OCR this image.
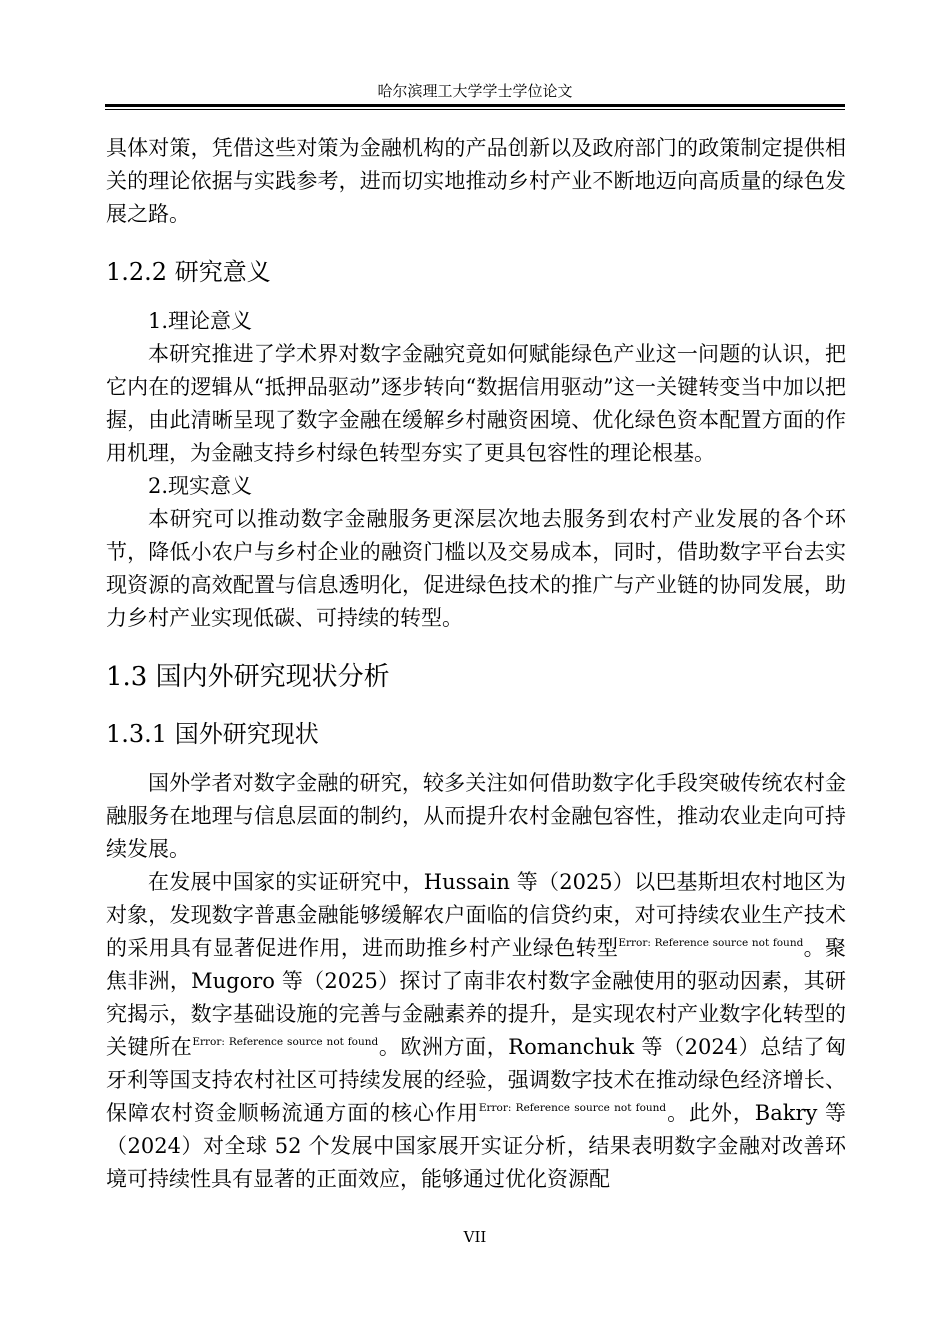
哈尔滨理工大学学士学位论文

具体对策，凭借这些对策为金融机构的产品创新以及政府部门的政策制定提供相关的理论依据与实践参考，进而切实地推动乡村产业不断地迈向高质量的绿色发展之路。

1.2.2 研究意义

1.理论意义

本研究推进了学术界对数字金融究竟如何赋能绿色产业这一问题的认识，把它内在的逻辑从“抵押品驱动”逐步转向“数据信用驱动”这一关键转变当中加以把握，由此清晰呈现了数字金融在缓解乡村融资困境、优化绿色资本配置方面的作用机理，为金融支持乡村绿色转型夯实了更具包容性的理论根基。

2.现实意义

本研究可以推动数字金融服务更深层次地去服务到农村产业发展的各个环节，降低小农户与乡村企业的融资门槛以及交易成本，同时，借助数字平台去实现资源的高效配置与信息透明化，促进绿色技术的推广与产业链的协同发展，助力乡村产业实现低碳、可持续的转型。

1.3 国内外研究现状分析
1.3.1 国外研究现状

国外学者对数字金融的研究，较多关注如何借助数字化手段突破传统农村金融服务在地理与信息层面的制约，从而提升农村金融包容性，推动农业走向可持续发展。

在发展中国家的实证研究中，Hussain 等（2025）以巴基斯坦农村地区为对象，发现数字普惠金融能够缓解农户面临的信贷约束，对可持续农业生产技术的采用具有显著促进作用，进而助推乡村产业绿色转型$^{Error: Reference source not found}$。聚焦非洲，Mugoro 等（2025）探讨了南非农村数字金融使用的驱动因素，其研究揭示，数字基础设施的完善与金融素养的提升，是实现农村产业数字化转型的关键所在$^{Error: Reference source not found}$。欧洲方面，Romanchuk 等（2024）总结了匈牙利等国支持农村社区可持续发展的经验，强调数字技术在推动绿色经济增长、保障农村资金顺畅流通方面的核心作用$^{Error: Reference source not found}$。此外，Bakry 等（2024）对全球 52 个发展中国家展开实证分析，结果表明数字金融对改善环境可持续性具有显著的正面效应，能够通过优化资源配

VII
